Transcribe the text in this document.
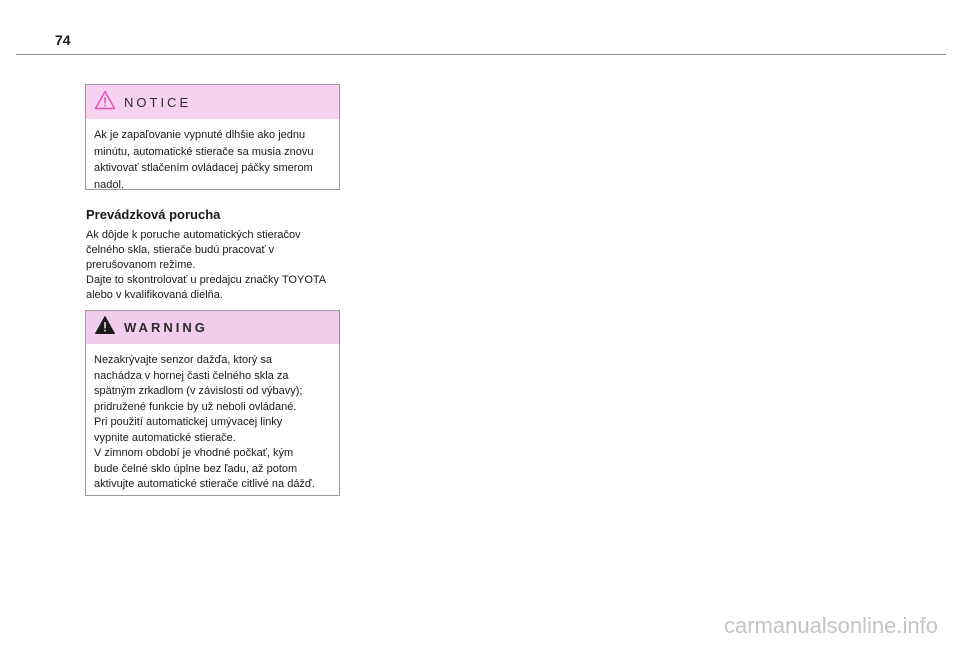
74
NOTICE

Ak je zapaľovanie vypnuté dlhšie ako jednu

minútu, automatické stierače sa musia znovu

aktivovať stlačením ovládacej páčky smerom

nadol.

Prevádzková porucha

Ak dôjde k poruche automatických stieračov

čelného skla, stierače budú pracovať v

prerušovanom režime.

Dajte to skontrolovať u predajcu značky TOYOTA

alebo v kvalifikovaná dielňa.

WARNING

Nezakrývajte senzor dažďa, ktorý sa

nachádza v hornej časti čelného skla za

spätným zrkadlom (v závislosti od výbavy);

pridružené funkcie by už neboli ovládané.

Pri použití automatickej umývacej linky

vypnite automatické stierače.

V zimnom období je vhodné počkať, kým

bude čelné sklo úplne bez ľadu, až potom

aktivujte automatické stierače citlivé na dážď.

carmanualsonline.info
